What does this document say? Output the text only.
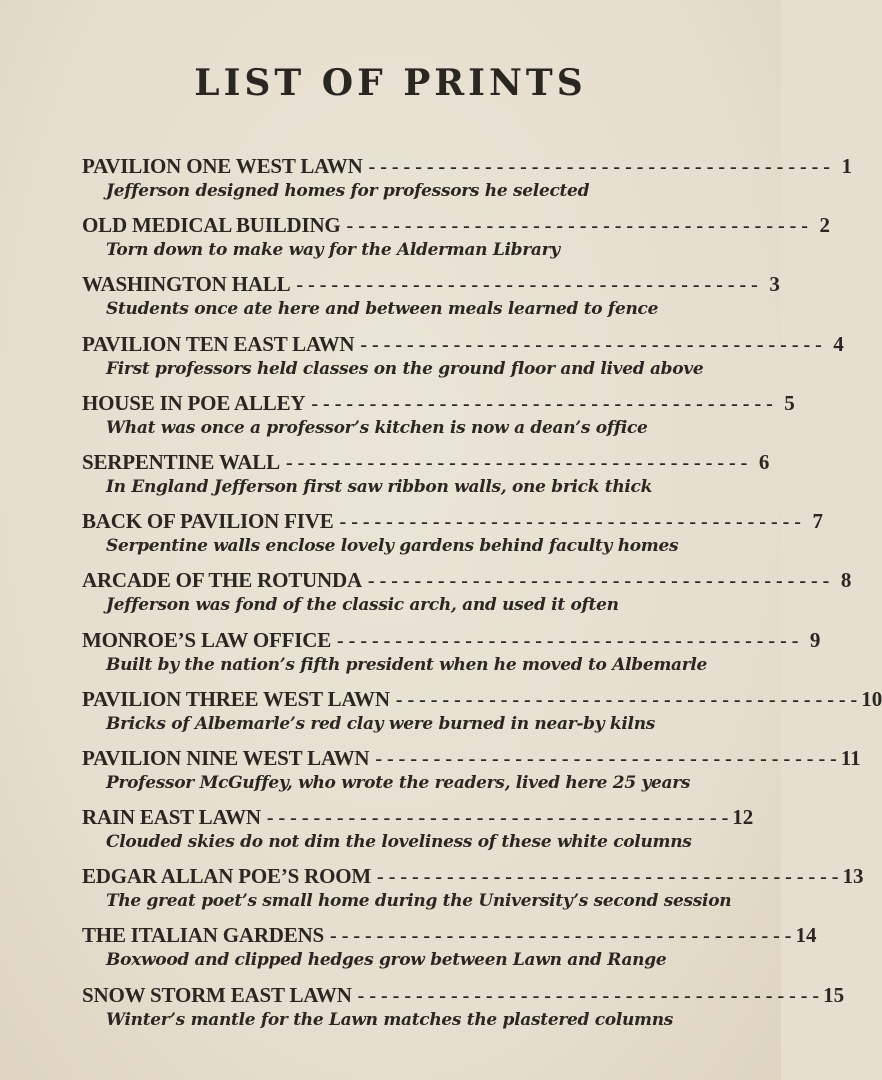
LIST OF PRINTS
PAVILION ONE WEST LAWN - - - - - - - - - - - - - - - - - - - - - - - - - - - - - - - - - - - - - - - - 1
Jefferson designed homes for professors he selected
OLD MEDICAL BUILDING - - - - - - - - - - - - - - - - - - - - - - - - - - - - - - - - - - - - - - - - 2
Torn down to make way for the Alderman Library
WASHINGTON HALL - - - - - - - - - - - - - - - - - - - - - - - - - - - - - - - - - - - - - - - - 3
Students once ate here and between meals learned to fence
PAVILION TEN EAST LAWN - - - - - - - - - - - - - - - - - - - - - - - - - - - - - - - - - - - - - - - - 4
First professors held classes on the ground floor and lived above
HOUSE IN POE ALLEY - - - - - - - - - - - - - - - - - - - - - - - - - - - - - - - - - - - - - - - - 5
What was once a professor’s kitchen is now a dean’s office
SERPENTINE WALL - - - - - - - - - - - - - - - - - - - - - - - - - - - - - - - - - - - - - - - - 6
In England Jefferson first saw ribbon walls, one brick thick
BACK OF PAVILION FIVE - - - - - - - - - - - - - - - - - - - - - - - - - - - - - - - - - - - - - - - - 7
Serpentine walls enclose lovely gardens behind faculty homes
ARCADE OF THE ROTUNDA - - - - - - - - - - - - - - - - - - - - - - - - - - - - - - - - - - - - - - - - 8
Jefferson was fond of the classic arch, and used it often
MONROE’S LAW OFFICE - - - - - - - - - - - - - - - - - - - - - - - - - - - - - - - - - - - - - - - - 9
Built by the nation’s fifth president when he moved to Albemarle
PAVILION THREE WEST LAWN - - - - - - - - - - - - - - - - - - - - - - - - - - - - - - - - - - - - - - - - 10
Bricks of Albemarle’s red clay were burned in near-by kilns
PAVILION NINE WEST LAWN - - - - - - - - - - - - - - - - - - - - - - - - - - - - - - - - - - - - - - - - 11
Professor McGuffey, who wrote the readers, lived here 25 years
RAIN EAST LAWN - - - - - - - - - - - - - - - - - - - - - - - - - - - - - - - - - - - - - - - - 12
Clouded skies do not dim the loveliness of these white columns
EDGAR ALLAN POE’S ROOM - - - - - - - - - - - - - - - - - - - - - - - - - - - - - - - - - - - - - - - - 13
The great poet’s small home during the University’s second session
THE ITALIAN GARDENS - - - - - - - - - - - - - - - - - - - - - - - - - - - - - - - - - - - - - - - - 14
Boxwood and clipped hedges grow between Lawn and Range
SNOW STORM EAST LAWN - - - - - - - - - - - - - - - - - - - - - - - - - - - - - - - - - - - - - - - - 15
Winter’s mantle for the Lawn matches the plastered columns
